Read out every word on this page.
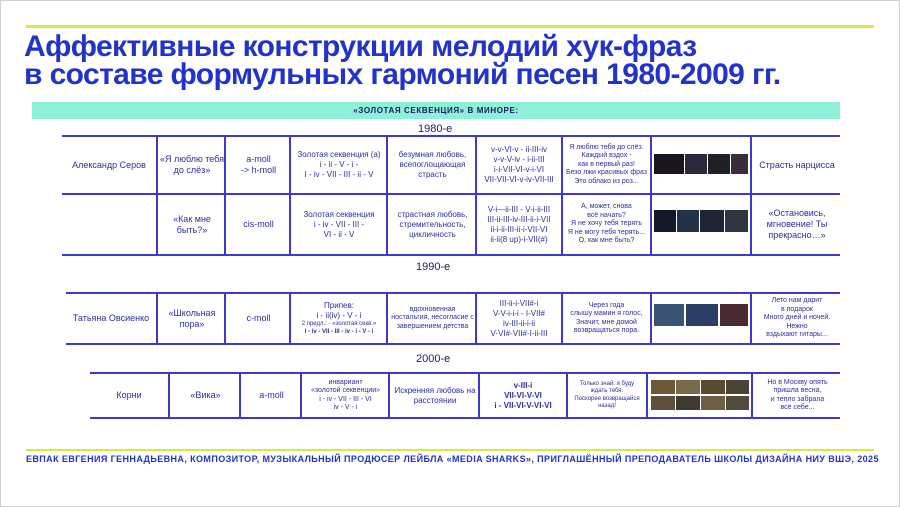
Аффективные конструкции мелодий хук-фраз
в составе формульных гармоний песен 1980-2009 гг.
«ЗОЛОТАЯ СЕКВЕНЦИЯ» В МИНОРЕ:
1980-е
Александр Серов
«Я люблю тебя до слёз»
a-moll
-> h-moll
Золотая секвенция (a)
i - ii - V - i -
I - iv - VII - III - ii - V
безумная любовь, всепоглощающая страсть
v-v-VI-v - ii-III-iv
v-v-V-iv - i-ii-III
i-i-VII-VI-v-i-VI
VII-VII-VI-v-iv-VII-III
Я люблю тебя до слёз.
Каждый вздох -
как в первый раз!
Безо лжи красивых фраз
Это облако из роз...
Страсть нарцисса
«Как мне быть?»
cis-moll
Золотая секвенция
i - iv - VII - III -
VI - ii - V
страстная любовь, стремительность, цикличность
V-i—ii-III - V-i-ii-III
III-ii-III-iv-III-ii-i-VII
ii-i-ii-III-ii-i-VII-VI
ii-ii(8 up)-i-VII(#)
А, может, снова
всё начать?
Я не хочу тебя терять
Я не могу тебя терять...
О, как мне быть?
«Остановись, мгновение! Ты прекрасно…»
1990-е
Татьяна Овсиенко
«Школьная пора»
c-moll
Припев:
i - ii(iv) - V - i
2 предл.: - «золотая секв.»
I - iv - VII - III - iv - i - V - i
вдохновенная ностальгия, несогласие с завершением детства
III-ii-i-VII#-i
V-V-i-i-i - I-VII#
iv-III-ii-i-ii
V-VI#-VII#-I-ii-III
Через года
слышу мамин я голос,
Значит, мне домой
возвращаться пора.
Лето нам дарит
в подарок
Много дней и ночей.
Нежно
вздыхают гитары...
2000-е
Корни	«Вика»	a-moll
инвариант
«золотой секвенции»
i - iv - VII - III - VI
iv - V - i
Искренняя любовь на расстоянии
v-III-i
VII-VI-V-VI
i - VII-VI-V-VI-VI
Только знай: я буду
ждать тебя.
Поскорее возвращайся
назад!
Но в Москву опять
пришла весна,
и тепло забрала
всё себе...
ЕВПАК ЕВГЕНИЯ ГЕННАДЬЕВНА, КОМПОЗИТОР, МУЗЫКАЛЬНЫЙ ПРОДЮСЕР ЛЕЙБЛА «MEDIA SHARKS», ПРИГЛАШЁННЫЙ ПРЕПОДАВАТЕЛЬ ШКОЛЫ ДИЗАЙНА НИУ ВШЭ, 2025
